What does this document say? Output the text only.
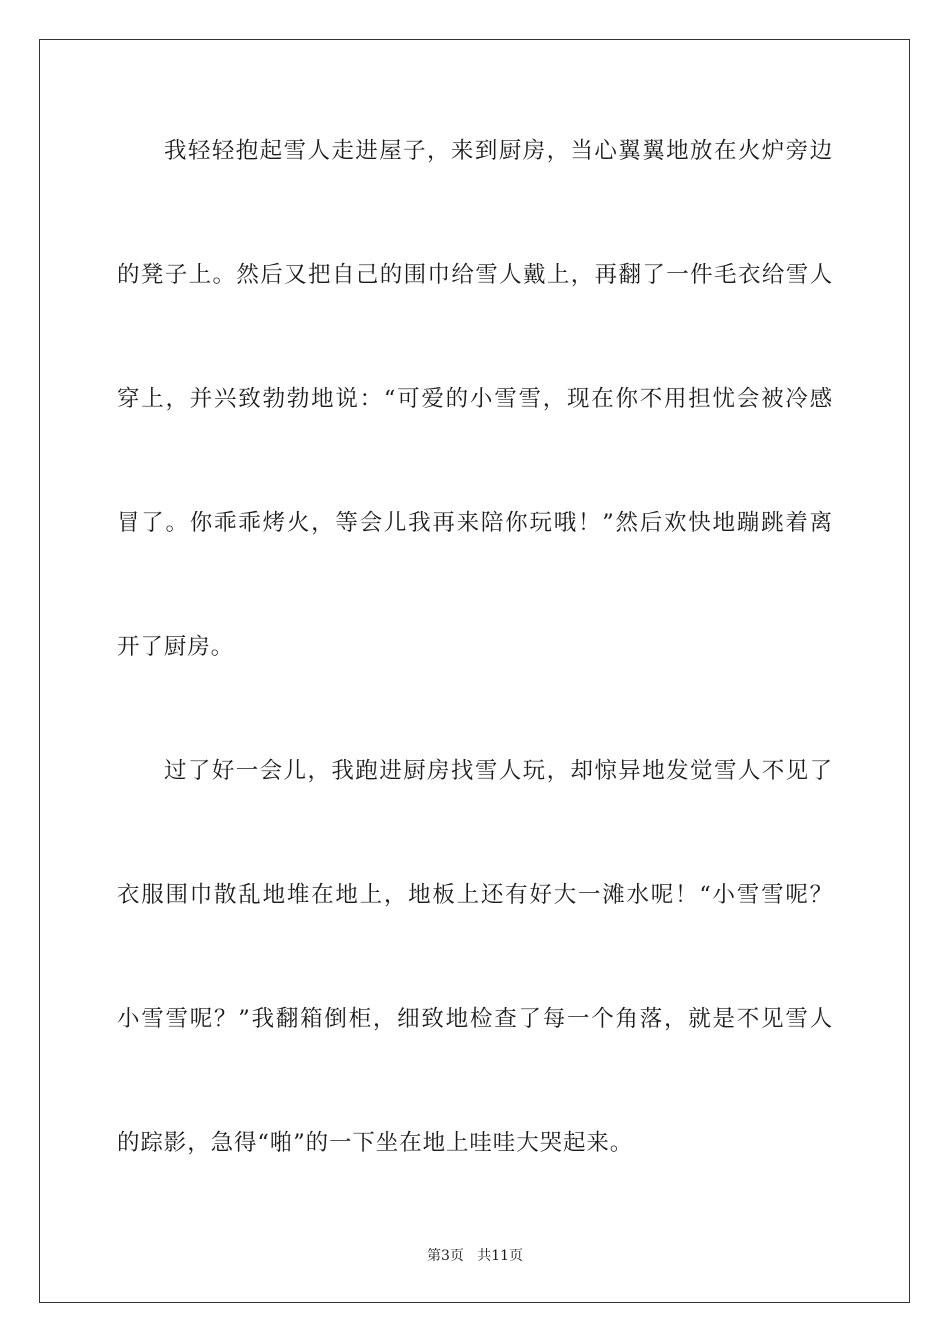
我轻轻抱起雪人走进屋子，来到厨房，当心翼翼地放在火炉旁边
的凳子上。然后又把自己的围巾给雪人戴上，再翻了一件毛衣给雪人
穿上，并兴致勃勃地说：“可爱的小雪雪，现在你不用担忧会被冷感
冒了。你乖乖烤火，等会儿我再来陪你玩哦！”然后欢快地蹦跳着离
开了厨房。
过了好一会儿，我跑进厨房找雪人玩，却惊异地发觉雪人不见了
衣服围巾散乱地堆在地上，地板上还有好大一滩水呢！“小雪雪呢？
小雪雪呢？”我翻箱倒柜，细致地检查了每一个角落，就是不见雪人
的踪影，急得“啪”的一下坐在地上哇哇大哭起来。
第3页   共11页
